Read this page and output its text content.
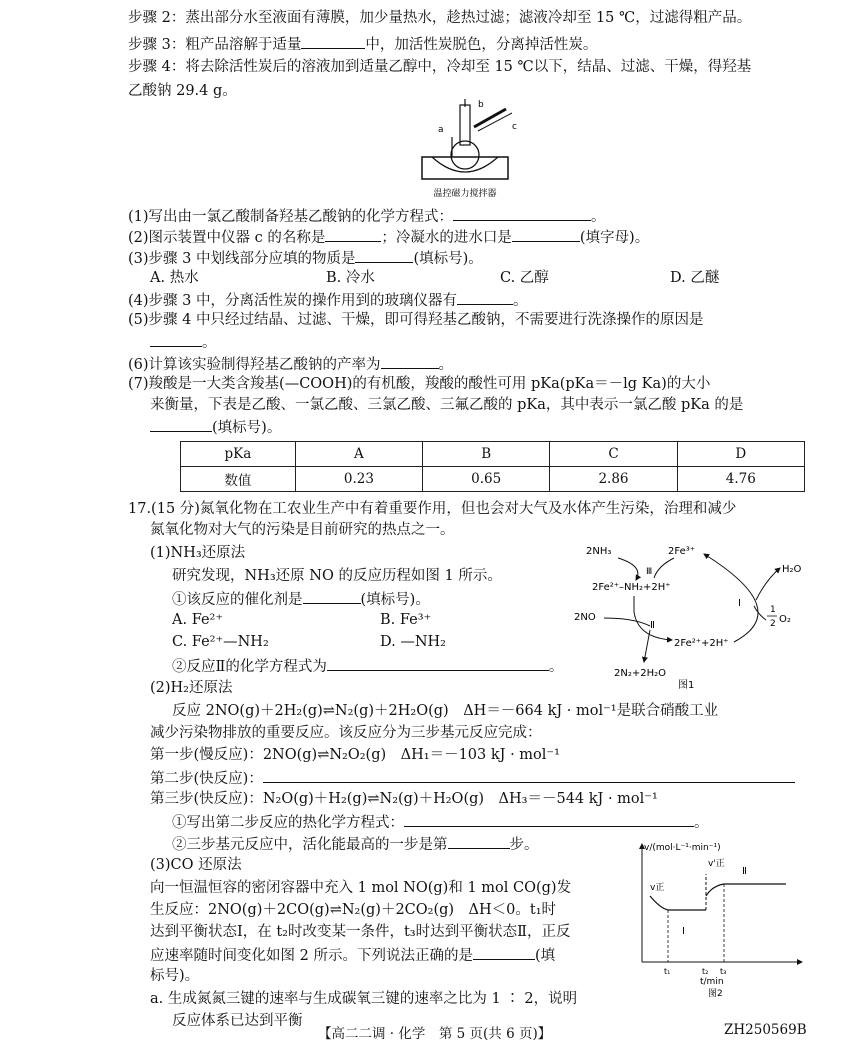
步骤 2：蒸出部分水至液面有薄膜，加少量热水，趁热过滤；滤液冷却至 15 ℃，过滤得粗产品。
步骤 3：粗产品溶解于适量	中，加活性炭脱色，分离掉活性炭。
步骤 4：将去除活性炭后的溶液加到适量乙醇中，冷却至 15 ℃以下，结晶、过滤、干燥，得羟基
乙酸钠 29.4 g。
a
b
c
温控磁力搅拌器
(1)写出由一氯乙酸制备羟基乙酸钠的化学方程式：	。
(2)图示装置中仪器 c 的名称是	；冷凝水的进水口是	(填字母)。
(3)步骤 3 中划线部分应填的物质是	(填标号)。
A. 热水	B. 冷水	C. 乙醇	D. 乙醚
(4)步骤 3 中，分离活性炭的操作用到的玻璃仪器有	。
(5)步骤 4 中只经过结晶、过滤、干燥，即可得羟基乙酸钠，不需要进行洗涤操作的原因是
。
(6)计算该实验制得羟基乙酸钠的产率为	。
(7)羧酸是一大类含羧基(—COOH)的有机酸，羧酸的酸性可用 pKa(pKa＝－lg Ka)的大小
来衡量，下表是乙酸、一氯乙酸、三氯乙酸、三氟乙酸的 pKa，其中表示一氯乙酸 pKa 的是
(填标号)。
pKa	A	B	C	D
数值	0.23	0.65	2.86	4.76
17.(15 分)氮氧化物在工农业生产中有着重要作用，但也会对大气及水体产生污染，治理和减少
氮氧化物对大气的污染是目前研究的热点之一。
(1)NH₃还原法
研究发现，NH₃还原 NO 的反应历程如图 1 所示。
①该反应的催化剂是	(填标号)。
A. Fe²⁺	B. Fe³⁺
C. Fe²⁺—NH₂	D. —NH₂
②反应Ⅱ的化学方程式为	。
2NH₃	2Fe³⁺
2Fe²⁺–NH₂+2H⁺
2NO
2Fe²⁺+2H⁺
2N₂+2H₂O
H₂O
1
2 O₂
Ⅲ
Ⅰ
Ⅱ
图1
(2)H₂还原法
反应 2NO(g)＋2H₂(g)⇌N₂(g)＋2H₂O(g)　ΔH＝－664 kJ · mol⁻¹是联合硝酸工业
减少污染物排放的重要反应。该反应分为三步基元反应完成：
第一步(慢反应)：2NO(g)⇌N₂O₂(g)　ΔH₁＝－103 kJ · mol⁻¹
第二步(快反应)：
第三步(快反应)：N₂O(g)＋H₂(g)⇌N₂(g)＋H₂O(g)　ΔH₃＝－544 kJ · mol⁻¹
①写出第二步反应的热化学方程式：	。
②三步基元反应中，活化能最高的一步是第	步。
(3)CO 还原法
向一恒温恒容的密闭容器中充入 1 mol NO(g)和 1 mol CO(g)发
生反应：2NO(g)＋2CO(g)⇌N₂(g)＋2CO₂(g)　ΔH＜0。t₁时
达到平衡状态Ⅰ，在 t₂时改变某一条件，t₃时达到平衡状态Ⅱ，正反
应速率随时间变化如图 2 所示。下列说法正确的是	(填
标号)。
a. 生成氮氮三键的速率与生成碳氧三键的速率之比为 1 ∶ 2，说明
反应体系已达到平衡
v/(mol·L⁻¹·min⁻¹)
v正
v'正
Ⅰ
Ⅱ
t₁	t₂ t₃
t/min
图2
【高二二调 · 化学　第 5 页(共 6 页)】	ZH250569B
